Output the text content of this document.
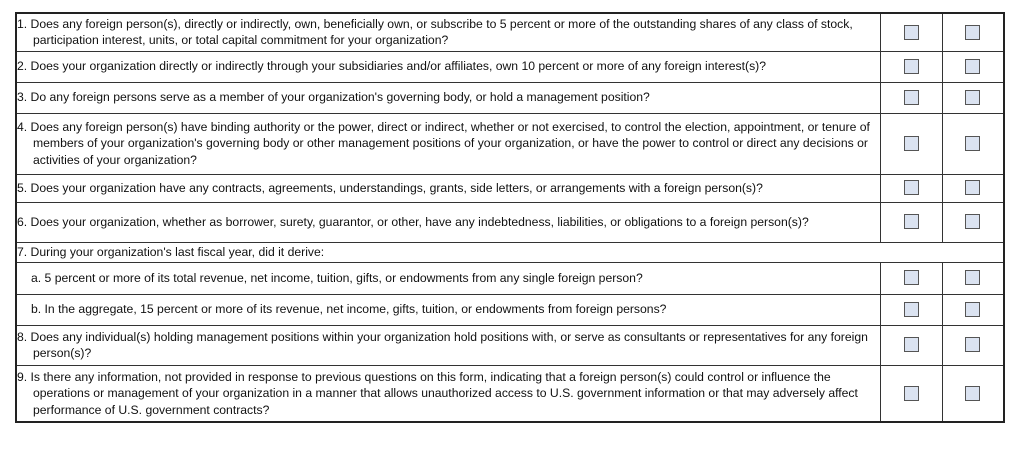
1. Does any foreign person(s), directly or indirectly, own, beneficially own, or subscribe to 5 percent or more of the outstanding shares of any class of stock, participation interest, units, or total capital commitment for your organization?		

2. Does your organization directly or indirectly through your subsidiaries and/or affiliates, own 10 percent or more of any foreign interest(s)?		

3. Do any foreign persons serve as a member of your organization's governing body, or hold a management position?		

4. Does any foreign person(s) have binding authority or the power, direct or indirect, whether or not exercised, to control the election, appointment, or tenure of members of your organization's governing body or other management positions of your organization, or have the power to control or direct any decisions or activities of your organization?		

5. Does your organization have any contracts, agreements, understandings, grants, side letters, or arrangements with a foreign person(s)?		

6. Does your organization, whether as borrower, surety, guarantor, or other, have any indebtedness, liabilities, or obligations to a foreign person(s)?		

7. During your organization's last fiscal year, did it derive:		

a. 5 percent or more of its total revenue, net income, tuition, gifts, or endowments from any single foreign person?		

b. In the aggregate, 15 percent or more of its revenue, net income, gifts, tuition, or endowments from foreign persons?		

8. Does any individual(s) holding management positions within your organization hold positions with, or serve as consultants or representatives for any foreign person(s)?		

9. Is there any information, not provided in response to previous questions on this form, indicating that a foreign person(s) could control or influence the operations or management of your organization in a manner that allows unauthorized access to U.S. government information or that may adversely affect performance of U.S. government contracts?		
